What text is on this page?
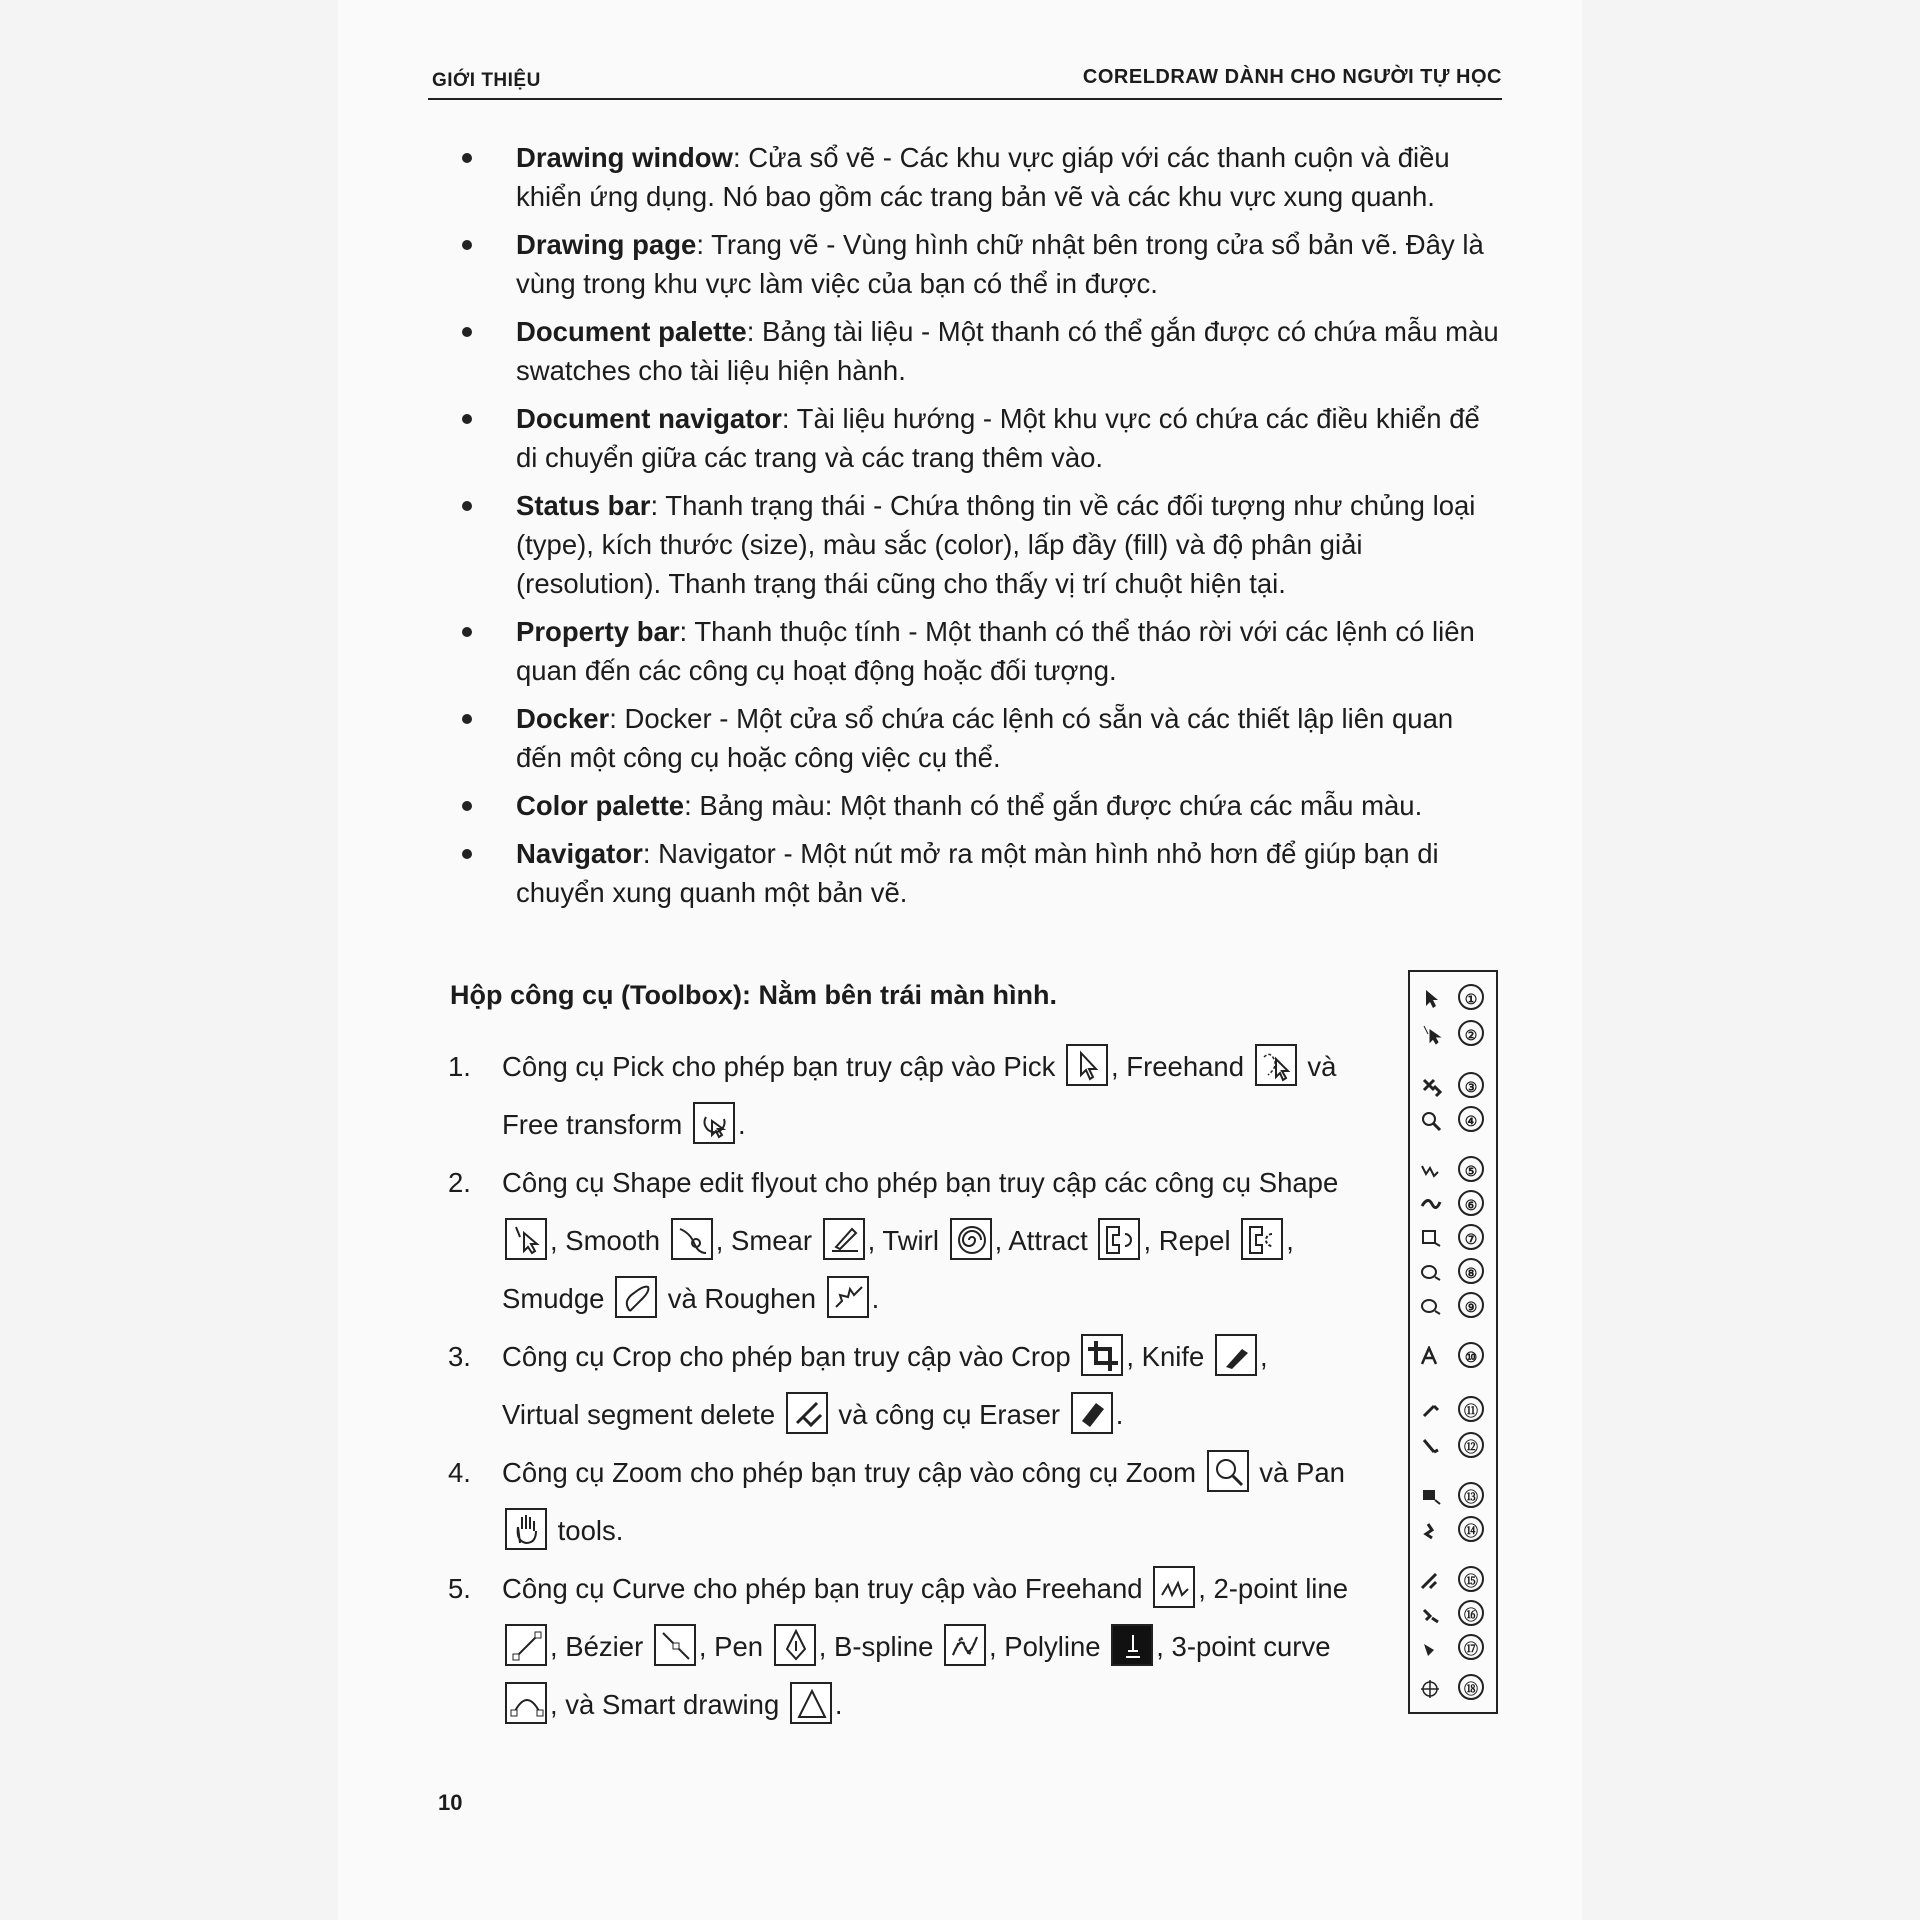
GIỚI THIỆU	CORELDRAW DÀNH CHO NGƯỜI TỰ HỌC
Drawing window: Cửa sổ vẽ - Các khu vực giáp với các thanh cuộn và điều khiển ứng dụng. Nó bao gồm các trang bản vẽ và các khu vực xung quanh.
Drawing page: Trang vẽ - Vùng hình chữ nhật bên trong cửa sổ bản vẽ. Đây là vùng trong khu vực làm việc của bạn có thể in được.
Document palette: Bảng tài liệu - Một thanh có thể gắn được có chứa mẫu màu swatches cho tài liệu hiện hành.
Document navigator: Tài liệu hướng - Một khu vực có chứa các điều khiển để di chuyển giữa các trang và các trang thêm vào.
Status bar: Thanh trạng thái - Chứa thông tin về các đối tượng như chủng loại (type), kích thước (size), màu sắc (color), lấp đầy (fill) và độ phân giải (resolution). Thanh trạng thái cũng cho thấy vị trí chuột hiện tại.
Property bar: Thanh thuộc tính - Một thanh có thể tháo rời với các lệnh có liên quan đến các công cụ hoạt động hoặc đối tượng.
Docker: Docker - Một cửa sổ chứa các lệnh có sẵn và các thiết lập liên quan đến một công cụ hoặc công việc cụ thể.
Color palette: Bảng màu: Một thanh có thể gắn được chứa các mẫu màu.
Navigator: Navigator - Một nút mở ra một màn hình nhỏ hơn để giúp bạn di chuyển xung quanh một bản vẽ.
Hộp công cụ (Toolbox): Nằm bên trái màn hình.
1. Công cụ Pick cho phép bạn truy cập vào Pick , Freehand và Free transform .
2. Công cụ Shape edit flyout cho phép bạn truy cập các công cụ Shape
, Smooth , Smear , Twirl , Attract , Repel , Smudge và Roughen .
3. Công cụ Crop cho phép bạn truy cập vào Crop , Knife , Virtual segment delete và công cụ Eraser .
4. Công cụ Zoom cho phép bạn truy cập vào công cụ Zoom và Pan
tools.
5. Công cụ Curve cho phép bạn truy cập vào Freehand , 2-point line
, Bézier , Pen , B-spline , Polyline , 3-point curve
, và Smart drawing .
①
②
③
④
⑤
⑥
⑦
⑧
⑨
⑩
⑪
⑫
⑬
⑭
⑮
⑯
⑰
⑱
10
